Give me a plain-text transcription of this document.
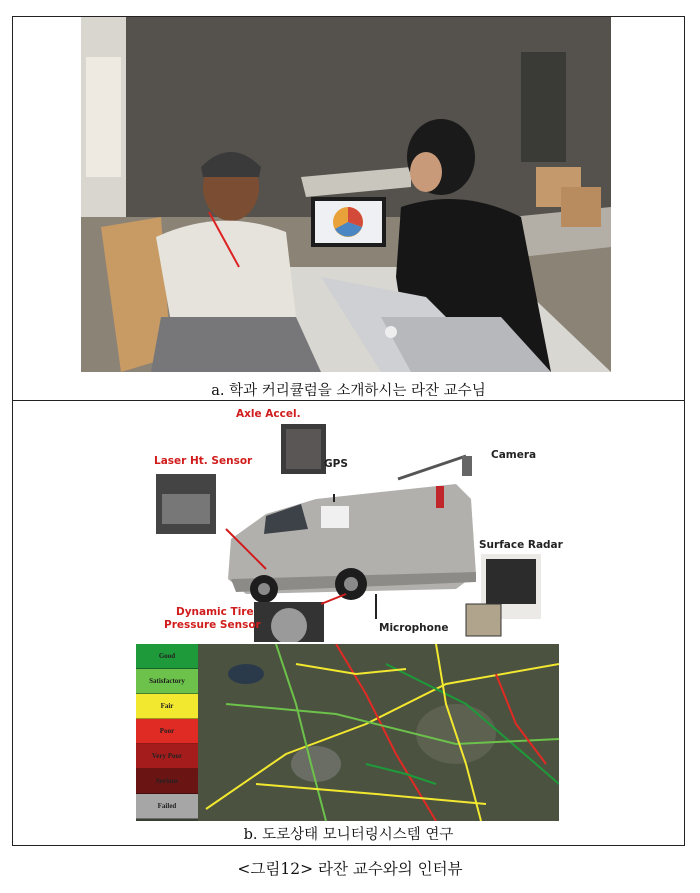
a. 학과 커리큘럼을 소개하시는 라잔 교수님
Axle Accel.
Laser Ht. Sensor	GPS
Camera
Surface Radar
Dynamic Tire
Pressure Sensor	Microphone
Good
Satisfactory
Fair
Poor
Very Poor
Serious
Failed
b. 도로상태 모니터링시스템 연구
<그림12> 라잔 교수와의 인터뷰
